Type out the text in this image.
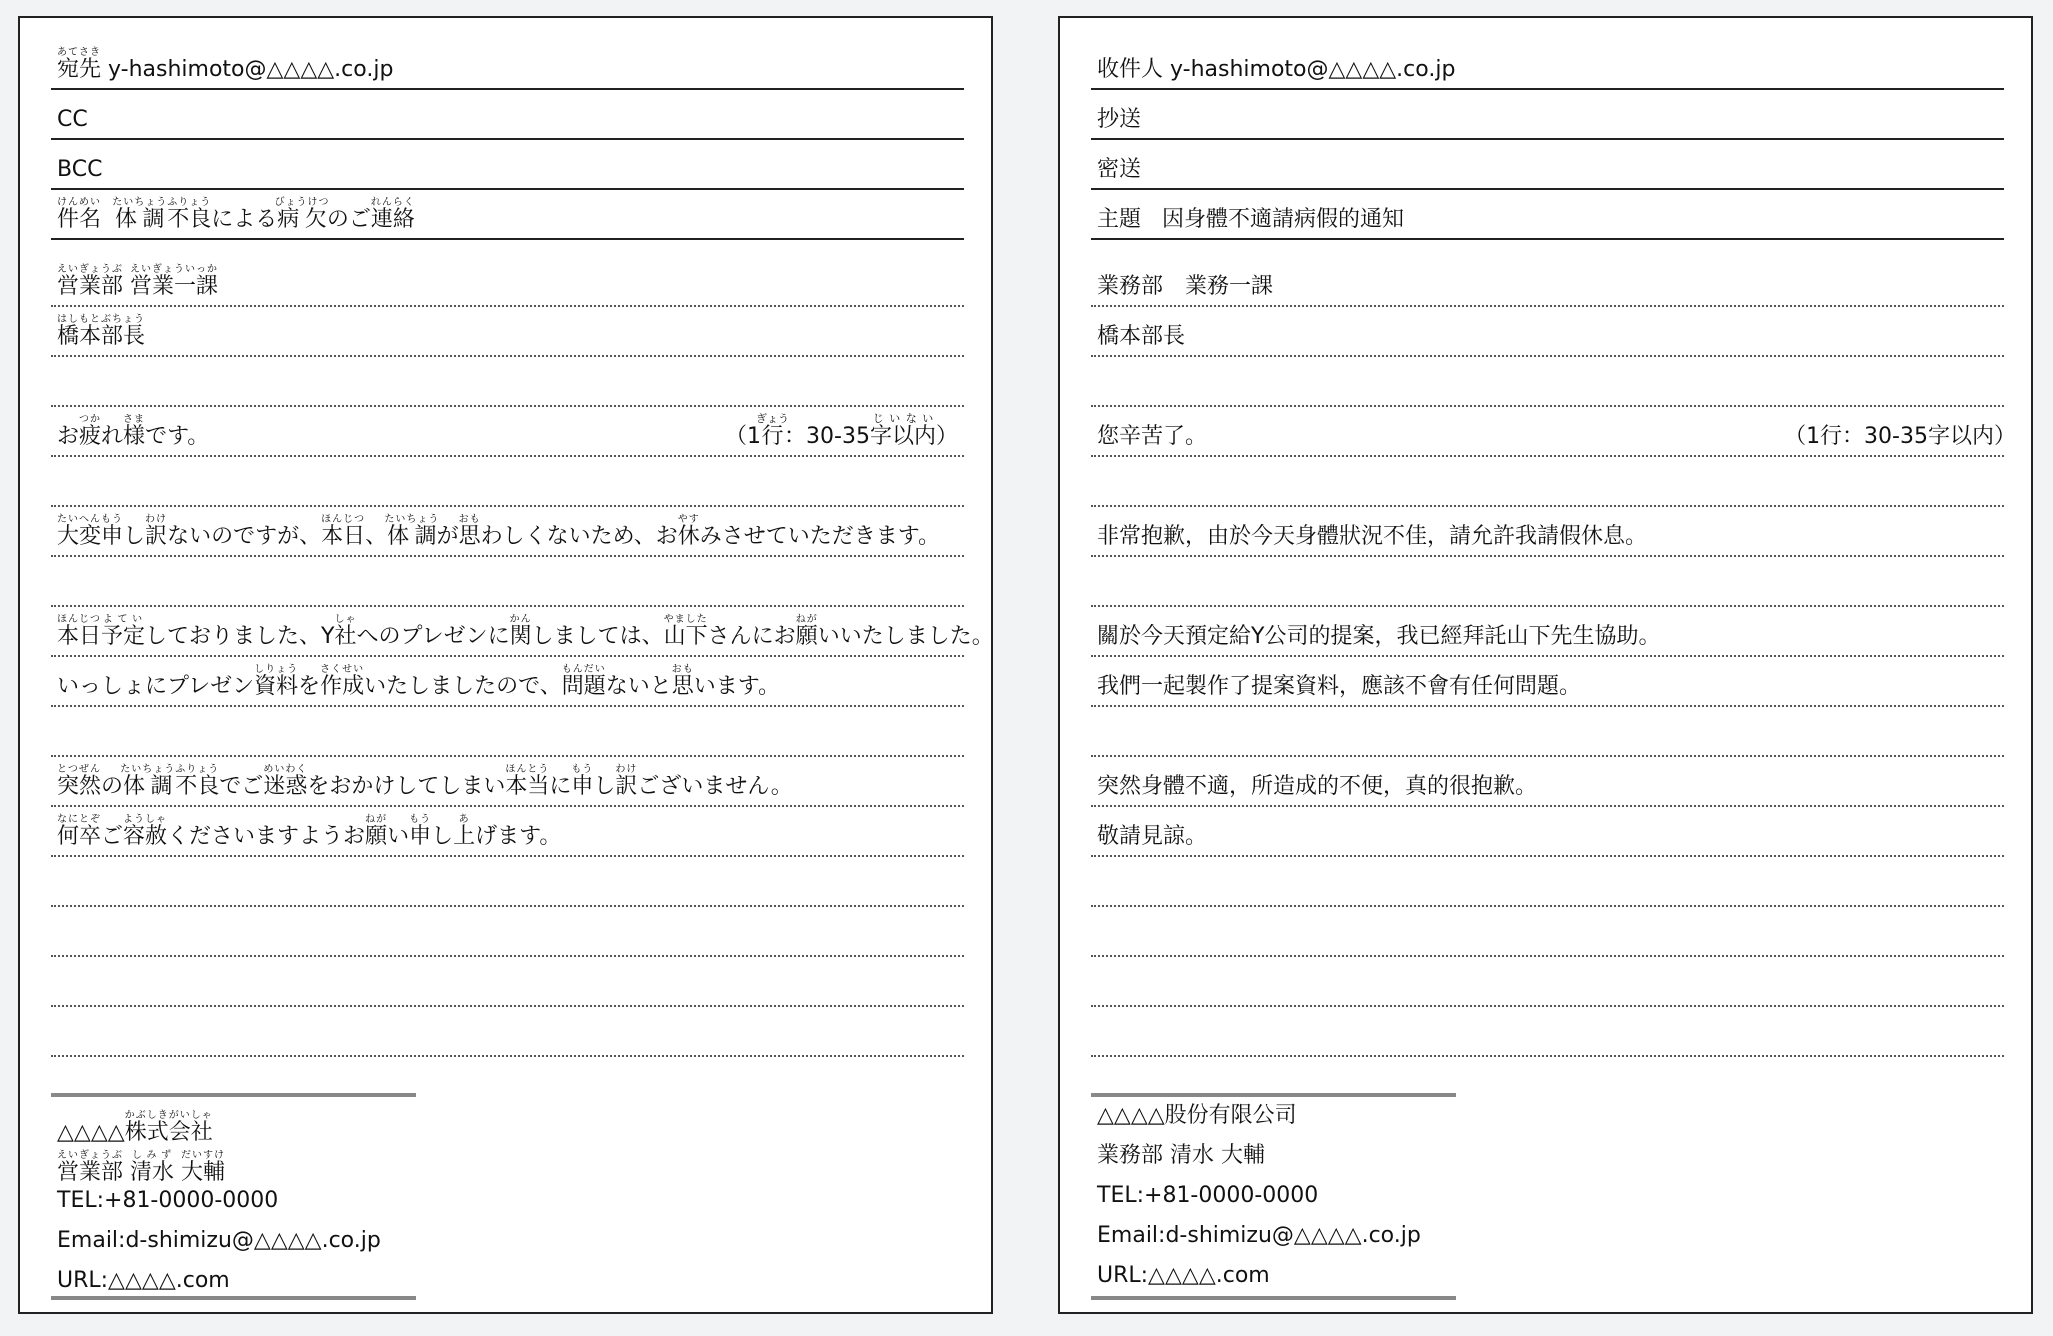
宛先あてさき y-hashimoto@△△△△.co.jp
CC
BCC
件名けんめい  体調たいちょう不良ふりょうによる病欠びょうけつのご連絡れんらく
営業部えいぎょうぶ 営業一課えいぎょういっか
橋本部長はしもとぶちょう
お疲つかれ様さまです。	（1行ぎょう：30-35字以内じいない）
大変たいへん申もうし訳わけないのですが、本日ほんじつ、体調たいちょうが思おもわしくないため、お休やすみさせていただきます。
本日ほんじつ予定よていしておりました、Y社しゃへのプレゼンに関かんしましては、山下やましたさんにお願ねがいいたしました。
いっしょにプレゼン資料しりょうを作成さくせいいたしましたので、問題もんだいないと思おもいます。
突然とつぜんの体調たいちょう不良ふりょうでご迷惑めいわくをおかけしてしまい本当ほんとうに申もうし訳わけございません。
何卒なにとぞご容赦ようしゃくださいますようお願ねがい申もうし上あげます。
△△△△株式会社かぶしきがいしゃ
営業部えいぎょうぶ 清水しみず 大輔だいすけ
TEL:+81-0000-0000
Email:d-shimizu@△△△△.co.jp
URL:△△△△.com
收件人 y-hashimoto@△△△△.co.jp
抄送
密送
主題 因身體不適請病假的通知
業務部　業務一課
橋本部長
您辛苦了。	（1行：30-35字以内）
非常抱歉，由於今天身體狀況不佳，請允許我請假休息。
關於今天預定給Y公司的提案，我已經拜託山下先生協助。
我們一起製作了提案資料，應該不會有任何問題。
突然身體不適，所造成的不便，真的很抱歉。
敬請見諒。
△△△△股份有限公司
業務部 清水 大輔
TEL:+81-0000-0000
Email:d-shimizu@△△△△.co.jp
URL:△△△△.com
